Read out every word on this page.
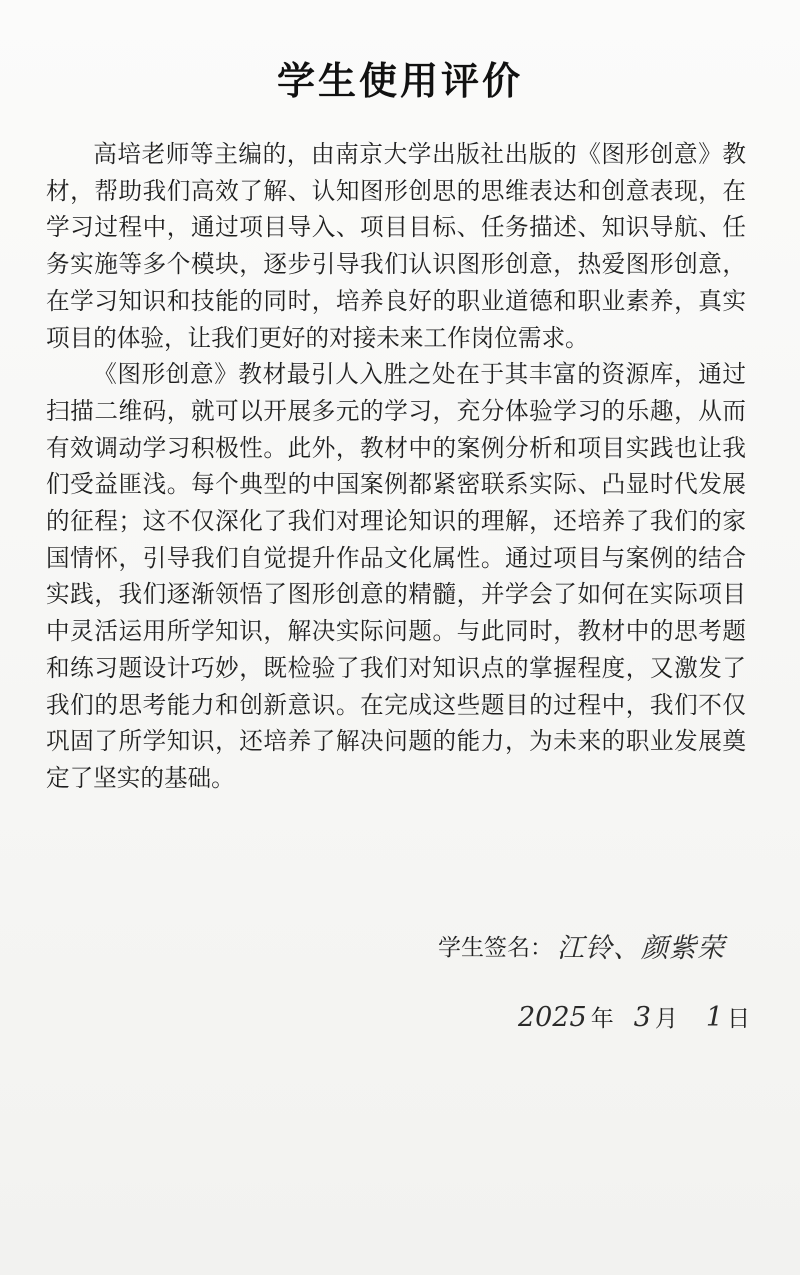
学生使用评价

高培老师等主编的，由南京大学出版社出版的《图形创意》教材，帮助我们高效了解、认知图形创思的思维表达和创意表现，在学习过程中，通过项目导入、项目目标、任务描述、知识导航、任务实施等多个模块，逐步引导我们认识图形创意，热爱图形创意，在学习知识和技能的同时，培养良好的职业道德和职业素养，真实项目的体验，让我们更好的对接未来工作岗位需求。

《图形创意》教材最引人入胜之处在于其丰富的资源库，通过扫描二维码，就可以开展多元的学习，充分体验学习的乐趣，从而有效调动学习积极性。此外，教材中的案例分析和项目实践也让我们受益匪浅。每个典型的中国案例都紧密联系实际、凸显时代发展的征程；这不仅深化了我们对理论知识的理解，还培养了我们的家国情怀，引导我们自觉提升作品文化属性。通过项目与案例的结合实践，我们逐渐领悟了图形创意的精髓，并学会了如何在实际项目中灵活运用所学知识，解决实际问题。与此同时，教材中的思考题和练习题设计巧妙，既检验了我们对知识点的掌握程度，又激发了我们的思考能力和创新意识。在完成这些题目的过程中，我们不仅巩固了所学知识，还培养了解决问题的能力，为未来的职业发展奠定了坚实的基础。

学生签名： 江铃、颜紫荣
2025 年 3 月 1 日
